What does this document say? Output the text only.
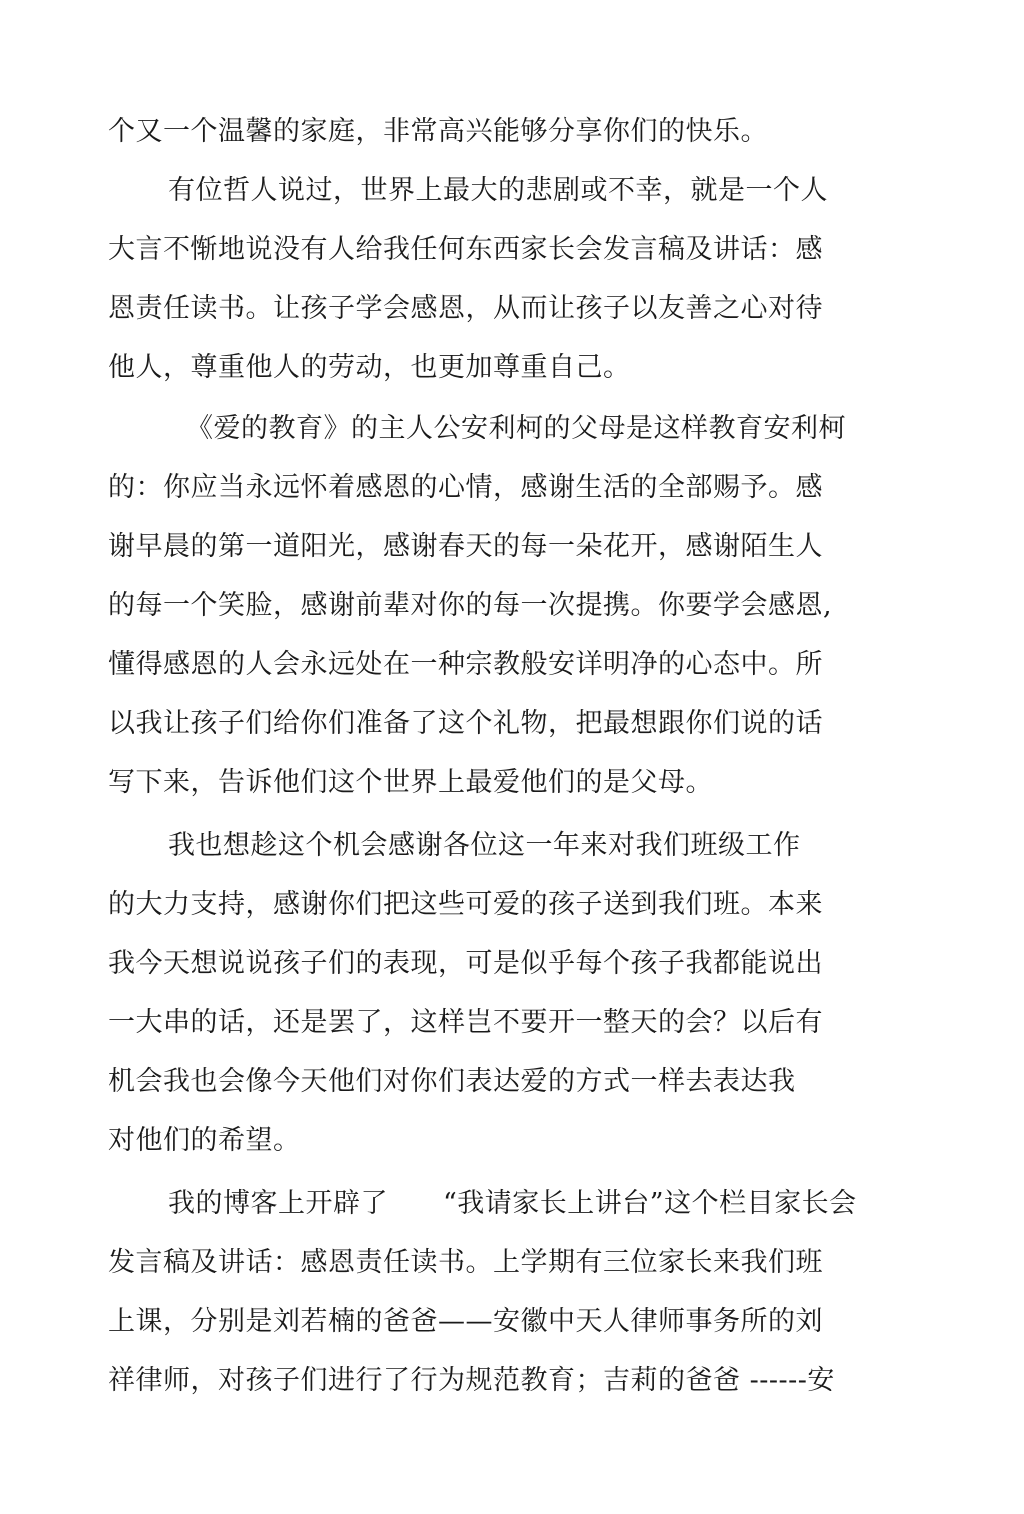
个又一个温馨的家庭，非常高兴能够分享你们的快乐。
有位哲人说过，世界上最大的悲剧或不幸，就是一个人
大言不惭地说没有人给我任何东西家长会发言稿及讲话：感
恩责任读书。让孩子学会感恩，从而让孩子以友善之心对待
他人，尊重他人的劳动，也更加尊重自己。
《爱的教育》的主人公安利柯的父母是这样教育安利柯
的：你应当永远怀着感恩的心情，感谢生活的全部赐予。感
谢早晨的第一道阳光，感谢春天的每一朵花开，感谢陌生人
的每一个笑脸，感谢前辈对你的每一次提携。你要学会感恩,
懂得感恩的人会永远处在一种宗教般安详明净的心态中。所
以我让孩子们给你们准备了这个礼物，把最想跟你们说的话
写下来，告诉他们这个世界上最爱他们的是父母。
我也想趁这个机会感谢各位这一年来对我们班级工作
的大力支持，感谢你们把这些可爱的孩子送到我们班。本来
我今天想说说孩子们的表现，可是似乎每个孩子我都能说出
一大串的话，还是罢了，这样岂不要开一整天的会？以后有
机会我也会像今天他们对你们表达爱的方式一样去表达我
对他们的希望。
我的博客上开辟了　　“我请家长上讲台”这个栏目家长会
发言稿及讲话：感恩责任读书。上学期有三位家长来我们班
上课，分别是刘若楠的爸爸——安徽中天人律师事务所的刘
祥律师，对孩子们进行了行为规范教育；吉莉的爸爸 ------安
